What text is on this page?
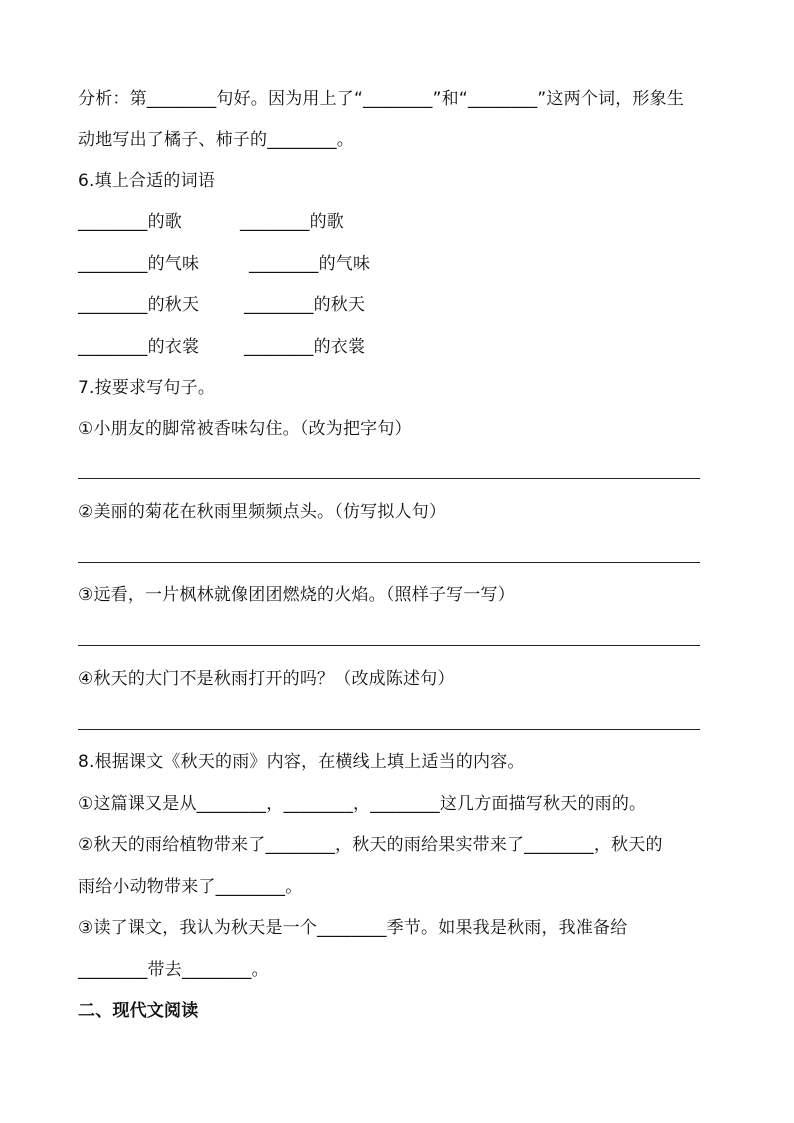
分析：第________句好。因为用上了“________”和“________”这两个词，形象生
动地写出了橘子、柿子的________。
6.填上合适的词语
________的歌	________的歌
________的气味	________的气味
________的秋天	________的秋天
________的衣裳	________的衣裳
7.按要求写句子。
①小朋友的脚常被香味勾住。（改为把字句）
②美丽的菊花在秋雨里频频点头。（仿写拟人句）
③远看，一片枫林就像团团燃烧的火焰。（照样子写一写）
④秋天的大门不是秋雨打开的吗？（改成陈述句）
8.根据课文《秋天的雨》内容，在横线上填上适当的内容。
①这篇课又是从________，________，________这几方面描写秋天的雨的。
②秋天的雨给植物带来了________，秋天的雨给果实带来了________，秋天的
雨给小动物带来了________。
③读了课文，我认为秋天是一个________季节。如果我是秋雨，我准备给
________带去________。
二、现代文阅读
